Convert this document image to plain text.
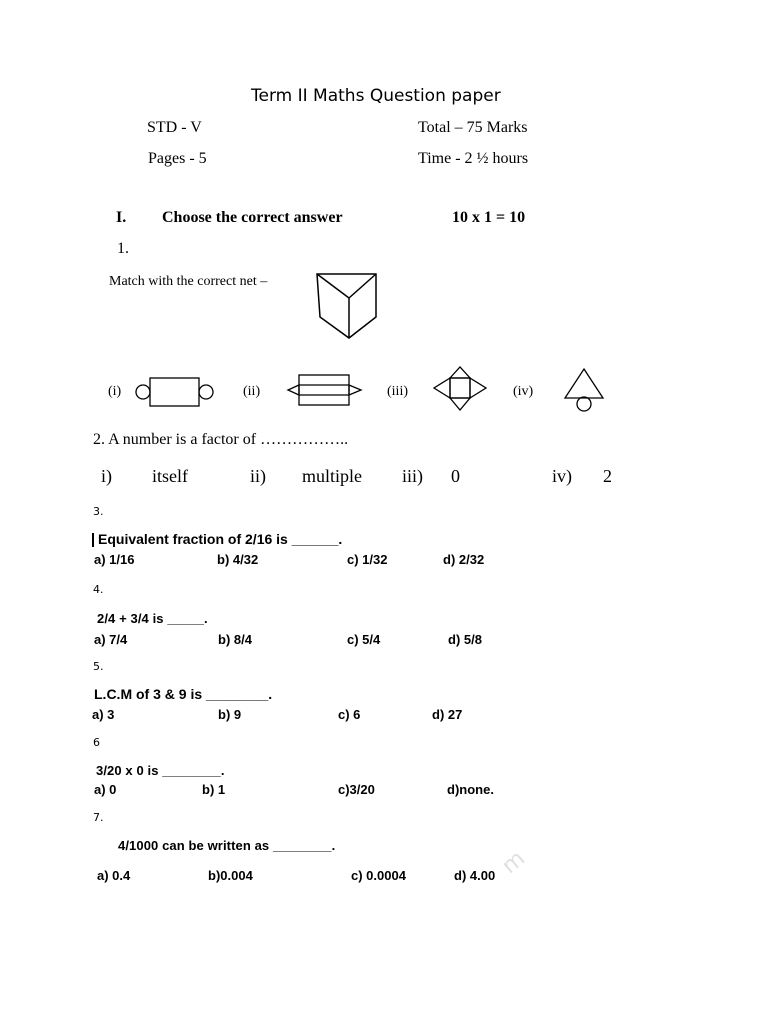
Term II Maths Question paper
STD - V	Total – 75 Marks
Pages - 5	Time - 2 ½ hours
I. Choose the correct answer	10 x 1 = 10
1.
Match with the correct net –
(i)	(ii)	(iii)	(iv)
2. A number is a factor of ……………..
i) itself	ii) multiple iii) 0	iv) 2
3.
Equivalent fraction of 2/16 is ______.
a) 1/16	b) 4/32	c) 1/32	d) 2/32
4.
2/4 + 3/4 is _____.
a) 7/4	b) 8/4	c) 5/4	d) 5/8
5.
L.C.M of 3 & 9 is ________.
a) 3	b) 9	c) 6	d) 27
6
3/20 x 0 is ________.
a) 0	b) 1	c)3/20	d)none.
7.
4/1000 can be written as ________.
a) 0.4	b)0.004	c) 0.0004	d) 4.00 m
